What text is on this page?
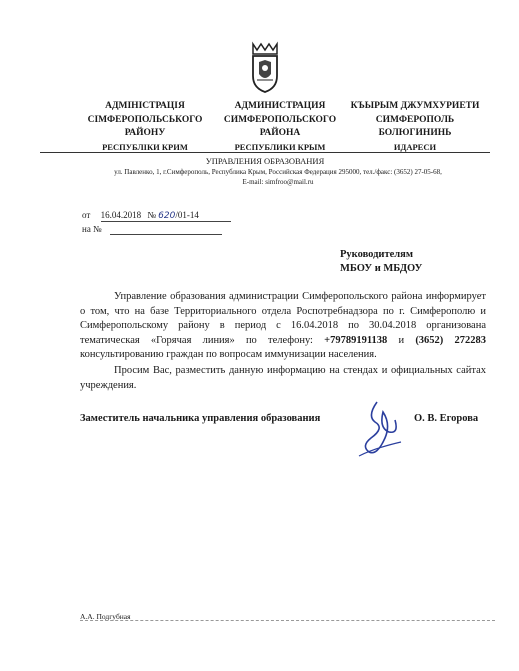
АДМІНІСТРАЦІЯ
СІМФЕРОПОЛЬСЬКОГО
РАЙОНУ
РЕСПУБЛІКИ КРИМ
АДМИНИСТРАЦИЯ
СИМФЕРОПОЛЬСКОГО
РАЙОНА
РЕСПУБЛИКИ КРЫМ
КЪЫРЫМ ДЖУМХУРИЕТИ
СИМФЕРОПОЛЬ
БОЛЮГИНИНЬ
ИДАРЕСИ
УПРАВЛЕНИЯ ОБРАЗОВАНИЯ
ул. Павленко, 1, г.Симферополь, Республика Крым, Российская Федерация 295000, тел./факс: (3652) 27-05-68,
E-mail: simfroo@mail.ru
от 16.04.2018 № 620/01-14
на №
Руководителям
МБОУ и МБДОУ
Управление образования администрации Симферопольского района информирует о том, что на базе Территориального отдела Роспотребнадзора по г. Симферополю и Симферопольскому району в период с 16.04.2018 по 30.04.2018 организована тематическая «Горячая линия» по телефону: +79789191138 и (3652) 272283 консультированию граждан по вопросам иммунизации населения.
Просим Вас, разместить данную информацию на стендах и официальных сайтах учреждения.
Заместитель начальника управления образования	О. В. Егорова
А.А. Подгубная
